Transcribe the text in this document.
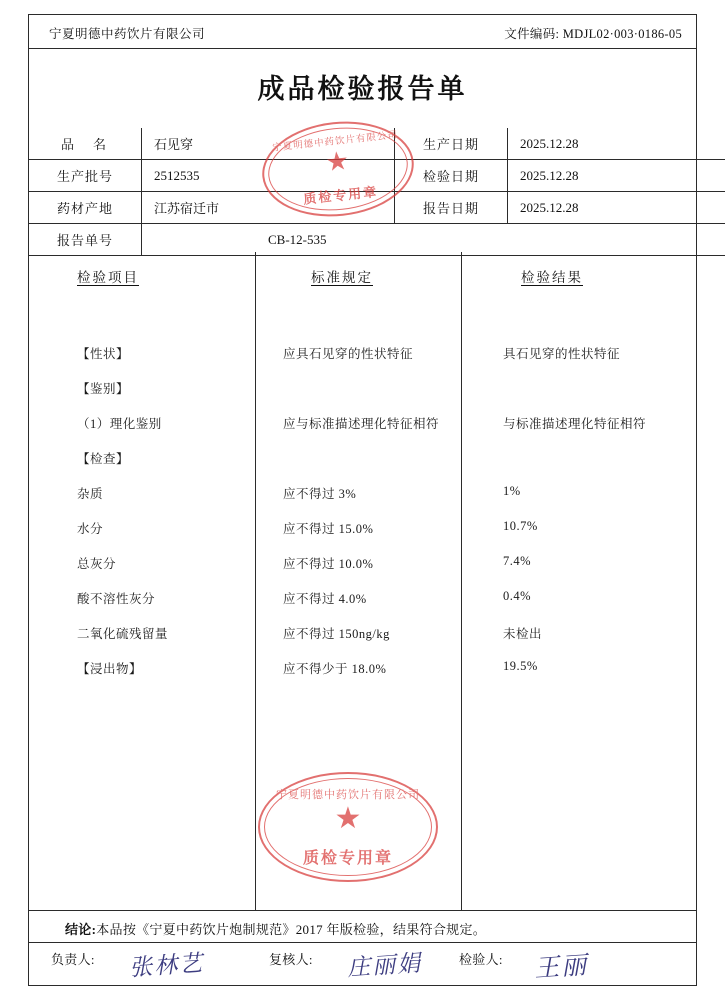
宁夏明德中药饮片有限公司	文件编码: MDJL02·003·0186-05
成品检验报告单
品　名	石见穿	生产日期	2025.12.28
生产批号	2512535	检验日期	2025.12.28
药材产地	江苏宿迁市	报告日期	2025.12.28
报告单号	CB-12-535		
检验项目	标准规定	检验结果
【性状】	应具石见穿的性状特征	具石见穿的性状特征
【鉴别】
（1）理化鉴别	应与标准描述理化特征相符	与标准描述理化特征相符
【检查】
杂质	应不得过 3%	1%
水分	应不得过 15.0%	10.7%
总灰分	应不得过 10.0%	7.4%
酸不溶性灰分	应不得过 4.0%	0.4%
二氧化硫残留量	应不得过 150ng/kg	未检出
【浸出物】	应不得少于 18.0%	19.5%
结论:本品按《宁夏中药饮片炮制规范》2017 年版检验，结果符合规定。
负责人: 张林艺	复核人: 庄丽娟	检验人: 王丽
宁夏明德中药饮片有限公司
★
质检专用章
宁夏明德中药饮片有限公司
★
质检专用章
